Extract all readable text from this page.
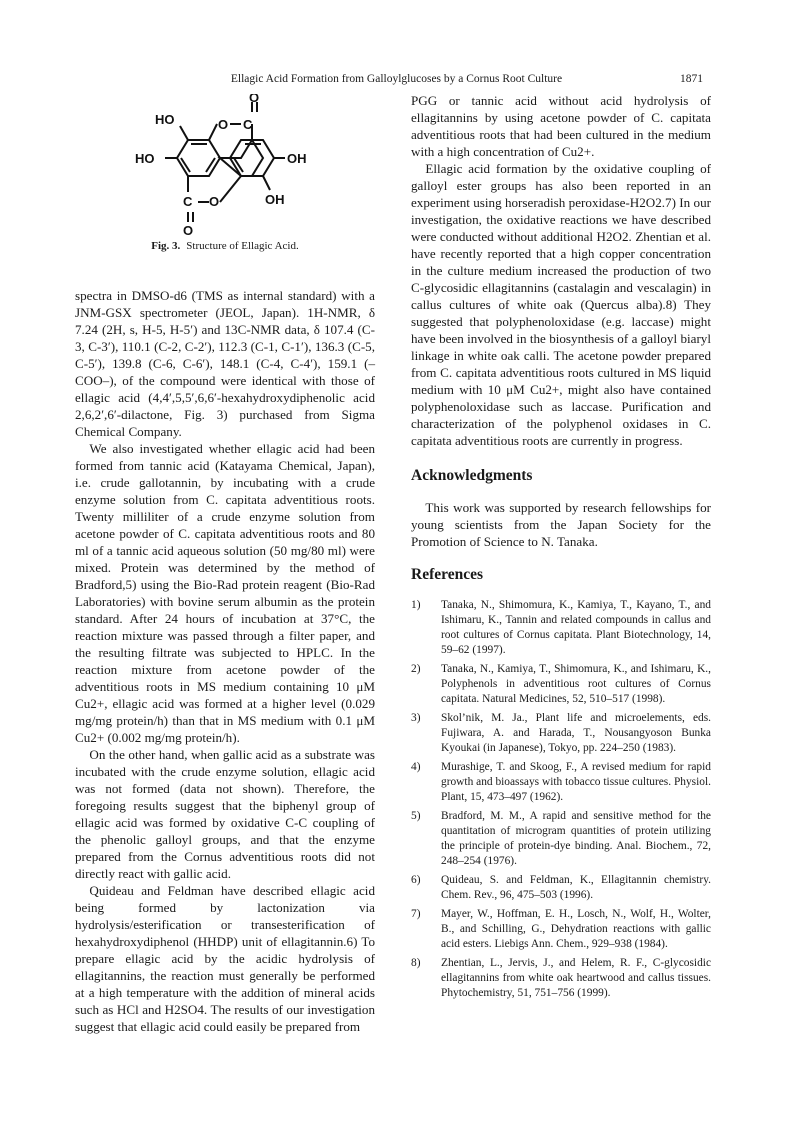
Ellagic Acid Formation from Galloylglucoses by a Cornus Root Culture	1871
O
HO	O C
HO	OH
C O	OH
O
Fig. 3. Structure of Ellagic Acid.

spectra in DMSO-d6 (TMS as internal standard) with a JNM-GSX spectrometer (JEOL, Japan). 1H-NMR, δ 7.24 (2H, s, H-5, H-5′) and 13C-NMR data, δ 107.4 (C-3, C-3′), 110.1 (C-2, C-2′), 112.3 (C-1, C-1′), 136.3 (C-5, C-5′), 139.8 (C-6, C-6′), 148.1 (C-4, C-4′), 159.1 (–COO–), of the compound were identical with those of ellagic acid (4,4′,5,5′,6,6′-hexahydroxydiphenolic acid 2,6,2′,6′-dilactone, Fig. 3) purchased from Sigma Chemical Company.

We also investigated whether ellagic acid had been formed from tannic acid (Katayama Chemical, Japan), i.e. crude gallotannin, by incubating with a crude enzyme solution from C. capitata adventitious roots. Twenty milliliter of a crude enzyme solution from acetone powder of C. capitata adventitious roots and 80 ml of a tannic acid aqueous solution (50 mg/80 ml) were mixed. Protein was determined by the method of Bradford,5) using the Bio-Rad protein reagent (Bio-Rad Laboratories) with bovine serum albumin as the protein standard. After 24 hours of incubation at 37°C, the reaction mixture was passed through a filter paper, and the resulting filtrate was subjected to HPLC. In the reaction mixture from acetone powder of the adventitious roots in MS medium containing 10 μM Cu2+, ellagic acid was formed at a higher level (0.029 mg/mg protein/h) than that in MS medium with 0.1 μM Cu2+ (0.002 mg/mg protein/h).

On the other hand, when gallic acid as a substrate was incubated with the crude enzyme solution, ellagic acid was not formed (data not shown). Therefore, the foregoing results suggest that the biphenyl group of ellagic acid was formed by oxidative C-C coupling of the phenolic galloyl groups, and that the enzyme prepared from the Cornus adventitious roots did not directly react with gallic acid.

Quideau and Feldman have described ellagic acid being formed by lactonization via hydrolysis/esterification or transesterification of hexahydroxydiphenol (HHDP) unit of ellagitannin.6) To prepare ellagic acid by the acidic hydrolysis of ellagitannins, the reaction must generally be performed at a high temperature with the addition of mineral acids such as HCl and H2SO4. The results of our investigation suggest that ellagic acid could easily be prepared from

PGG or tannic acid without acid hydrolysis of ellagitannins by using acetone powder of C. capitata adventitious roots that had been cultured in the medium with a high concentration of Cu2+.

Ellagic acid formation by the oxidative coupling of galloyl ester groups has also been reported in an experiment using horseradish peroxidase-H2O2.7) In our investigation, the oxidative reactions we have described were conducted without additional H2O2. Zhentian et al. have recently reported that a high copper concentration in the culture medium increased the production of two C-glycosidic ellagitannins (castalagin and vescalagin) in callus cultures of white oak (Quercus alba).8) They suggested that polyphenoloxidase (e.g. laccase) might have been involved in the biosynthesis of a galloyl biaryl linkage in white oak calli. The acetone powder prepared from C. capitata adventitious roots cultured in MS liquid medium with 10 μM Cu2+, might also have contained polyphenoloxidase such as laccase. Purification and characterization of the polyphenol oxidases in C. capitata adventitious roots are currently in progress.

Acknowledgments

This work was supported by research fellowships for young scientists from the Japan Society for the Promotion of Science to N. Tanaka.

References
1) Tanaka, N., Shimomura, K., Kamiya, T., Kayano, T., and Ishimaru, K., Tannin and related compounds in callus and root cultures of Cornus capitata. Plant Biotechnology, 14, 59–62 (1997).
2) Tanaka, N., Kamiya, T., Shimomura, K., and Ishimaru, K., Polyphenols in adventitious root cultures of Cornus capitata. Natural Medicines, 52, 510–517 (1998).
3) Skol’nik, M. Ja., Plant life and microelements, eds. Fujiwara, A. and Harada, T., Nousangyoson Bunka Kyoukai (in Japanese), Tokyo, pp. 224–250 (1983).
4) Murashige, T. and Skoog, F., A revised medium for rapid growth and bioassays with tobacco tissue cultures. Physiol. Plant, 15, 473–497 (1962).
5) Bradford, M. M., A rapid and sensitive method for the quantitation of microgram quantities of protein utilizing the principle of protein-dye binding. Anal. Biochem., 72, 248–254 (1976).
6) Quideau, S. and Feldman, K., Ellagitannin chemistry. Chem. Rev., 96, 475–503 (1996).
7) Mayer, W., Hoffman, E. H., Losch, N., Wolf, H., Wolter, B., and Schilling, G., Dehydration reactions with gallic acid esters. Liebigs Ann. Chem., 929–938 (1984).
8) Zhentian, L., Jervis, J., and Helem, R. F., C-glycosidic ellagitannins from white oak heartwood and callus tissues. Phytochemistry, 51, 751–756 (1999).
